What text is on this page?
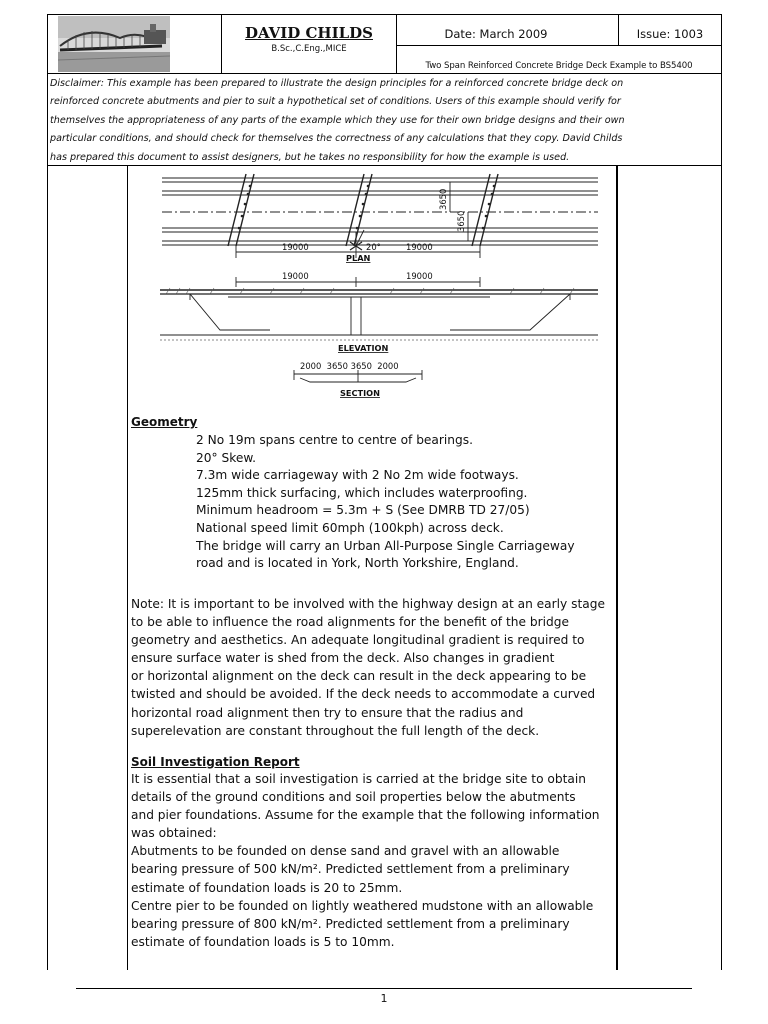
DAVID CHILDS
B.Sc.,C.Eng.,MICE
Date: March 2009	Issue: 1003
Two Span Reinforced Concrete Bridge Deck Example to BS5400
Disclaimer: This example has been prepared to illustrate the design principles for a reinforced concrete bridge deck on
reinforced concrete abutments and pier to suit a hypothetical set of conditions. Users of this example should verify for
themselves the appropriateness of any parts of the example which they use for their own bridge designs and their own
particular conditions, and should check for themselves the correctness of any calculations that they copy. David Childs
has prepared this document to assist designers, but he takes no responsibility for how the example is used.
19000	19000
20°
3650
3650
PLAN
19000	19000
ELEVATION
2000  3650 3650  2000
SECTION
Geometry
2 No 19m spans centre to centre of bearings.
20° Skew.
7.3m wide carriageway with 2 No 2m wide footways.
125mm thick surfacing, which includes waterproofing.
Minimum headroom = 5.3m + S (See DMRB TD 27/05)
National speed limit 60mph (100kph) across deck.
The bridge will carry an Urban All-Purpose Single Carriageway
road and is located in York, North Yorkshire, England.
Note: It is important to be involved with the highway design at an early stage
to be able to influence the road alignments for the benefit of the bridge
geometry and aesthetics. An adequate longitudinal gradient is required to
ensure surface water is shed from the deck. Also changes in gradient
or horizontal alignment on the deck can result in the deck appearing to be
twisted and should be avoided. If the deck needs to accommodate a curved
horizontal road alignment then try to ensure that the radius and
superelevation are constant throughout the full length of the deck.
Soil Investigation Report
It is essential that a soil investigation is carried at the bridge site to obtain
details of the ground conditions and soil properties below the abutments
and pier foundations. Assume for the example that the following information
was obtained:
Abutments to be founded on dense sand and gravel with an allowable
bearing pressure of 500 kN/m². Predicted settlement from a preliminary
estimate of foundation loads is 20 to 25mm.
Centre pier to be founded on lightly weathered mudstone with an allowable
bearing pressure of 800 kN/m². Predicted settlement from a preliminary
estimate of foundation loads is 5 to 10mm.
1
